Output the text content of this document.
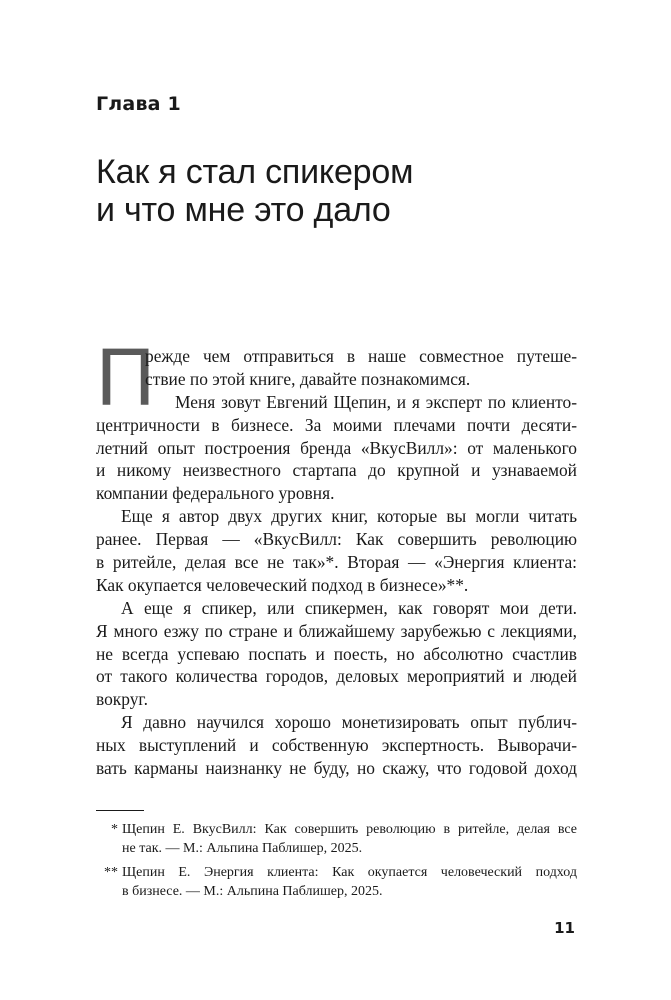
Глава 1
Как я стал спикером
и что мне это дало
П
режде чем отправиться в наше совместное путеше-
ствие по этой книге, давайте познакомимся.
Меня зовут Евгений Щепин, и я эксперт по клиенто-
центричности в бизнесе. За моими плечами почти десяти-
летний опыт построения бренда «ВкусВилл»: от маленького
и никому неизвестного стартапа до крупной и узнаваемой
компании федерального уровня.
Еще я автор двух других книг, которые вы могли читать
ранее. Первая — «ВкусВилл: Как совершить революцию
в ритейле, делая все не так»*. Вторая — «Энергия клиента:
Как окупается человеческий подход в бизнесе»**.
А еще я спикер, или спикермен, как говорят мои дети.
Я много езжу по стране и ближайшему зарубежью с лекциями,
не всегда успеваю поспать и поесть, но абсолютно счастлив
от такого количества городов, деловых мероприятий и людей
вокруг.
Я давно научился хорошо монетизировать опыт публич-
ных выступлений и собственную экспертность. Выворачи-
вать карманы наизнанку не буду, но скажу, что годовой доход
* Щепин Е. ВкусВилл: Как совершить революцию в ритейле, делая все
не так. — М.: Альпина Паблишер, 2025.
** Щепин Е. Энергия клиента: Как окупается человеческий подход
в бизнесе. — М.: Альпина Паблишер, 2025.
11
